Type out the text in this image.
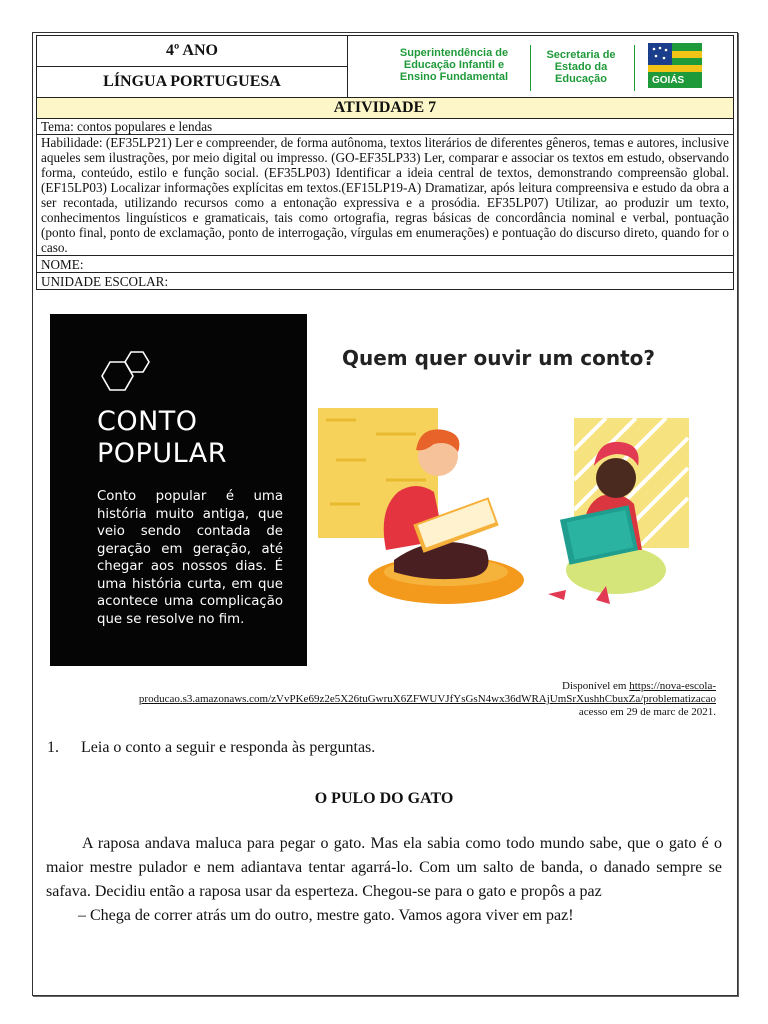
4º ANO	Superintendência de
Educação Infantil e
Ensino Fundamental
Secretaria de
Estado da
Educação	GOIÁS

LÍNGUA PORTUGUESA
ATIVIDADE 7
Tema: contos populares e lendas
Habilidade: (EF35LP21) Ler e compreender, de forma autônoma, textos literários de diferentes gêneros, temas e autores, inclusive aqueles sem ilustrações, por meio digital ou impresso. (GO-EF35LP33) Ler, comparar e associar os textos em estudo, observando forma, conteúdo, estilo e função social. (EF35LP03) Identificar a ideia central de textos, demonstrando compreensão global. (EF15LP03) Localizar informações explícitas em textos.(EF15LP19-A) Dramatizar, após leitura compreensiva e estudo da obra a ser recontada, utilizando recursos como a entonação expressiva e a prosódia. EF35LP07) Utilizar, ao produzir um texto, conhecimentos linguísticos e gramaticais, tais como ortografia, regras básicas de concordância nominal e verbal, pontuação (ponto final, ponto de exclamação, ponto de interrogação, vírgulas em enumerações) e pontuação do discurso direto, quando for o caso.
NOME:
UNIDADE ESCOLAR:
CONTO
POPULAR
Conto popular é uma história muito antiga, que veio sendo contada de geração em geração, até chegar aos nossos dias. É uma história curta, em que acontece uma complicação que se resolve no fim.
Quem quer ouvir um conto?
Disponível em https://nova-escola-
producao.s3.amazonaws.com/zVvPKe69z2e5X26tuGwruX6ZFWUVJfYsGsN4wx36dWRAjUmSrXushhCbuxZa/problematizacao
acesso em 29 de marc de 2021.
1. Leia o conto a seguir e responda às perguntas.
O PULO DO GATO

A raposa andava maluca para pegar o gato. Mas ela sabia como todo mundo sabe, que o gato é o maior mestre pulador e nem adiantava tentar agarrá-lo. Com um salto de banda, o danado sempre se safava. Decidiu então a raposa usar da esperteza. Chegou-se para o gato e propôs a paz

– Chega de correr atrás um do outro, mestre gato. Vamos agora viver em paz!
